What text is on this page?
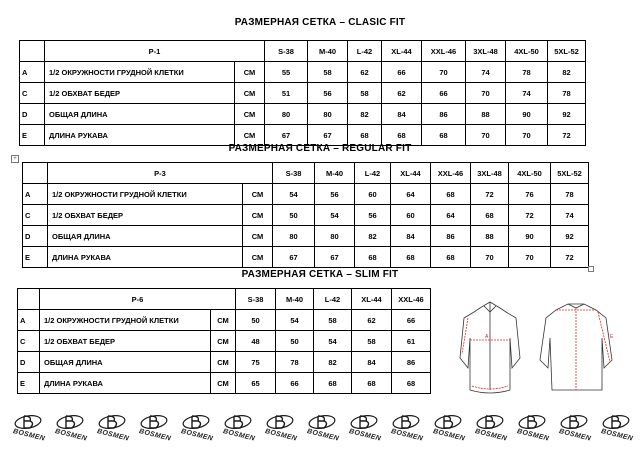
РАЗМЕРНАЯ СЕТКА – CLASIC FIT
	P-1		S-38	M-40	L-42	XL-44	XXL-46	3XL-48	4XL-50	5XL-52
A	1/2 ОКРУЖНОСТИ ГРУДНОЙ КЛЕТКИ	СМ	55	58	62	66	70	74	78	82
C	1/2 ОБХВАТ БЕДЕР	СМ	51	56	58	62	66	70	74	78
D	ОБЩАЯ ДЛИНА	СМ	80	80	82	84	86	88	90	92
E	ДЛИНА РУКАВА	СМ	67	67	68	68	68	70	70	72
РАЗМЕРНАЯ СЕТКА – REGULAR FIT
+
	P-3		S-38	M-40	L-42	XL-44	XXL-46	3XL-48	4XL-50	5XL-52
A	1/2 ОКРУЖНОСТИ ГРУДНОЙ КЛЕТКИ	СМ	54	56	60	64	68	72	76	78
C	1/2 ОБХВАТ БЕДЕР	СМ	50	54	56	60	64	68	72	74
D	ОБЩАЯ ДЛИНА	СМ	80	80	82	84	86	88	90	92
E	ДЛИНА РУКАВА	СМ	67	67	68	68	68	70	70	72
РАЗМЕРНАЯ СЕТКА – SLIM FIT
	P-6		S-38	M-40	L-42	XL-44	XXL-46
A	1/2 ОКРУЖНОСТИ ГРУДНОЙ КЛЕТКИ	СМ	50	54	58	62	66
C	1/2 ОБХВАТ БЕДЕР	СМ	48	50	54	58	61
D	ОБЩАЯ ДЛИНА	СМ	75	78	82	84	86
E	ДЛИНА РУКАВА	СМ	65	66	68	68	68
A	E
BOSMEN BOSMEN BOSMEN BOSMEN BOSMEN BOSMEN BOSMEN BOSMEN BOSMEN BOSMEN BOSMEN BOSMEN BOSMEN BOSMEN BOSMEN
